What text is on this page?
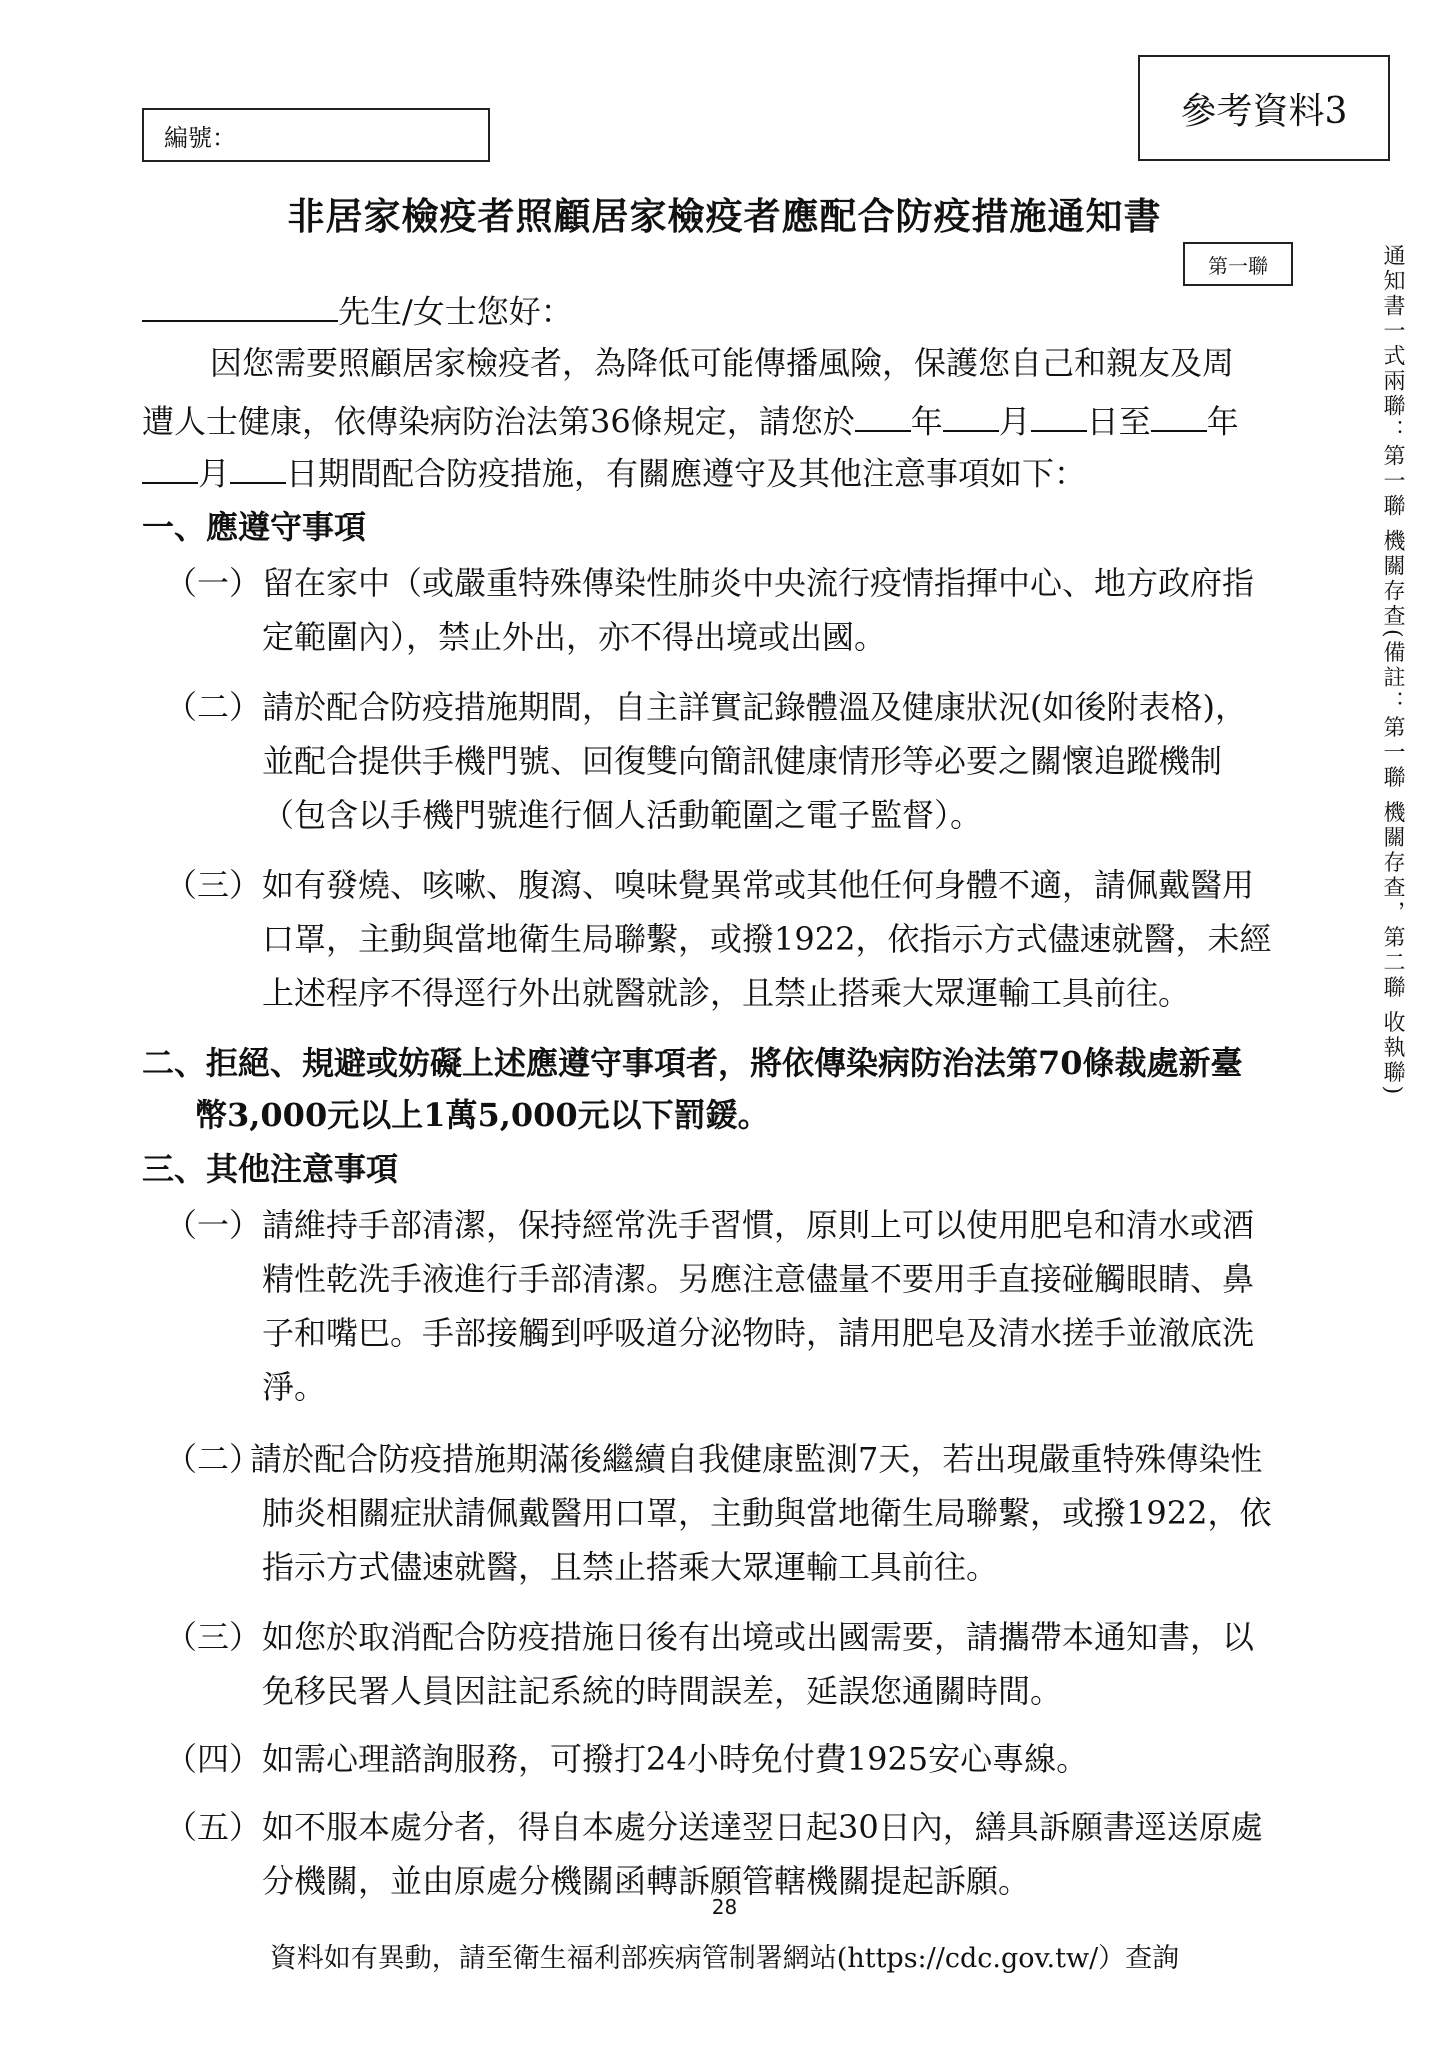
參考資料3
編號：
非居家檢疫者照顧居家檢疫者應配合防疫措施通知書
第一聯	通知書一式兩聯：第一聯 機關存查(備註：第一聯 機關存查，第二聯 收執聯)
先生/女士您好：
因您需要照顧居家檢疫者，為降低可能傳播風險，保護您自己和親友及周
遭人士健康，依傳染病防治法第36條規定，請您於 年 月 日至 年
月 日期間配合防疫措施，有關應遵守及其他注意事項如下：
一、應遵守事項
（一） 留在家中（或嚴重特殊傳染性肺炎中央流行疫情指揮中心、地方政府指
定範圍內），禁止外出，亦不得出境或出國。
（二） 請於配合防疫措施期間，自主詳實記錄體溫及健康狀況(如後附表格)，
並配合提供手機門號、回復雙向簡訊健康情形等必要之關懷追蹤機制
（包含以手機門號進行個人活動範圍之電子監督）。
（三） 如有發燒、咳嗽、腹瀉、嗅味覺異常或其他任何身體不適，請佩戴醫用
口罩，主動與當地衛生局聯繫，或撥1922，依指示方式儘速就醫，未經
上述程序不得逕行外出就醫就診，且禁止搭乘大眾運輸工具前往。
二、拒絕、規避或妨礙上述應遵守事項者，將依傳染病防治法第70條裁處新臺
幣3,000元以上1萬5,000元以下罰鍰。
三、其他注意事項
（一） 請維持手部清潔，保持經常洗手習慣，原則上可以使用肥皂和清水或酒
精性乾洗手液進行手部清潔。另應注意儘量不要用手直接碰觸眼睛、鼻
子和嘴巴。手部接觸到呼吸道分泌物時，請用肥皂及清水搓手並澈底洗
淨。
（二）
請於配合防疫措施期滿後繼續自我健康監測7天，若出現嚴重特殊傳染性
肺炎相關症狀請佩戴醫用口罩，主動與當地衛生局聯繫，或撥1922，依
指示方式儘速就醫，且禁止搭乘大眾運輸工具前往。
（三） 如您於取消配合防疫措施日後有出境或出國需要，請攜帶本通知書，以
免移民署人員因註記系統的時間誤差，延誤您通關時間。
（四） 如需心理諮詢服務，可撥打24小時免付費1925安心專線。
（五） 如不服本處分者，得自本處分送達翌日起30日內，繕具訴願書逕送原處
分機關，並由原處分機關函轉訴願管轄機關提起訴願。
28
資料如有異動，請至衛生福利部疾病管制署網站(https://cdc.gov.tw/）查詢
